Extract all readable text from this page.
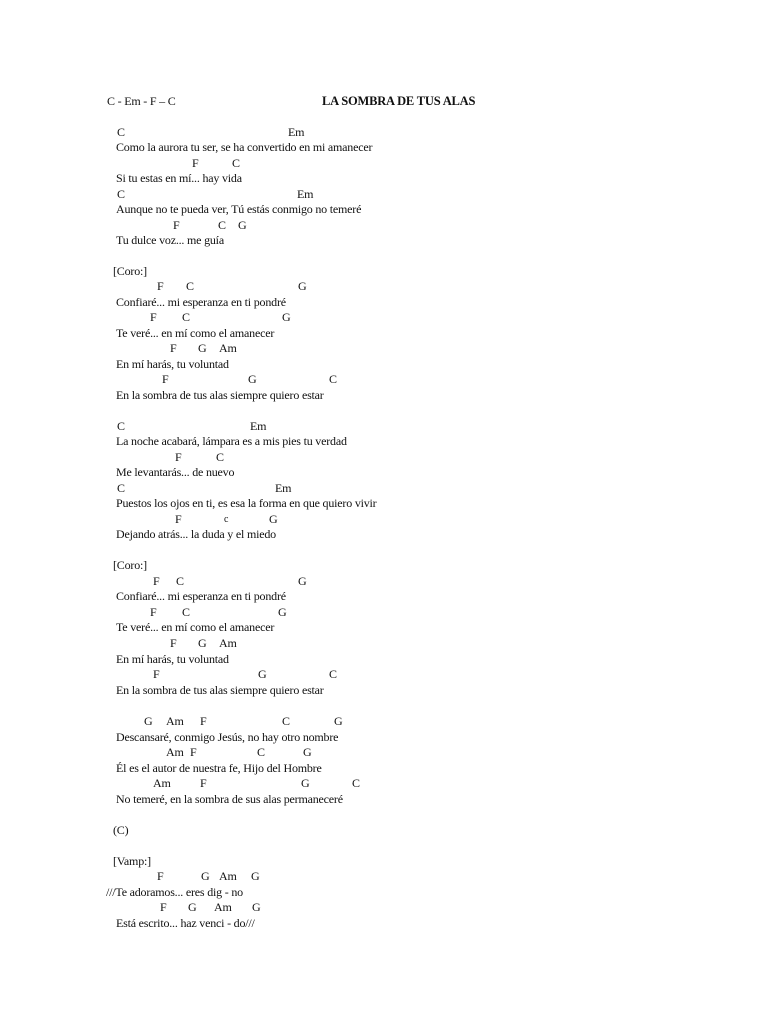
C - Em - F – C	LA SOMBRA DE TUS ALAS
C	Em
Como la aurora tu ser, se ha convertido en mi amanecer
F	C
Si tu estas en mí... hay vida
C	Em
Aunque no te pueda ver, Tú estás conmigo no temeré
F	C G
Tu dulce voz... me guía
[Coro:]
F C	G
Confiaré... mi esperanza en ti pondré
F C	G
Te veré... en mí como el amanecer
F G Am
En mí harás, tu voluntad
F	G	C
En la sombra de tus alas siempre quiero estar
C	Em
La noche acabará, lámpara es a mis pies tu verdad
F	C
Me levantarás... de nuevo
C	Em
Puestos los ojos en ti, es esa la forma en que quiero vivir
F	c	G
Dejando atrás... la duda y el miedo
[Coro:]
F C	G
Confiaré... mi esperanza en ti pondré
F C	G
Te veré... en mí como el amanecer
F G Am
En mí harás, tu voluntad
F	G	C
En la sombra de tus alas siempre quiero estar
G Am F	C	G
Descansaré, conmigo Jesús, no hay otro nombre
Am F	C	G
Él es el autor de nuestra fe, Hijo del Hombre
Am F	G	C
No temeré, en la sombra de sus alas permaneceré
(C)
[Vamp:]
F	G Am G
///Te adoramos... eres dig - no
F G Am G
Está escrito... haz venci - do///
